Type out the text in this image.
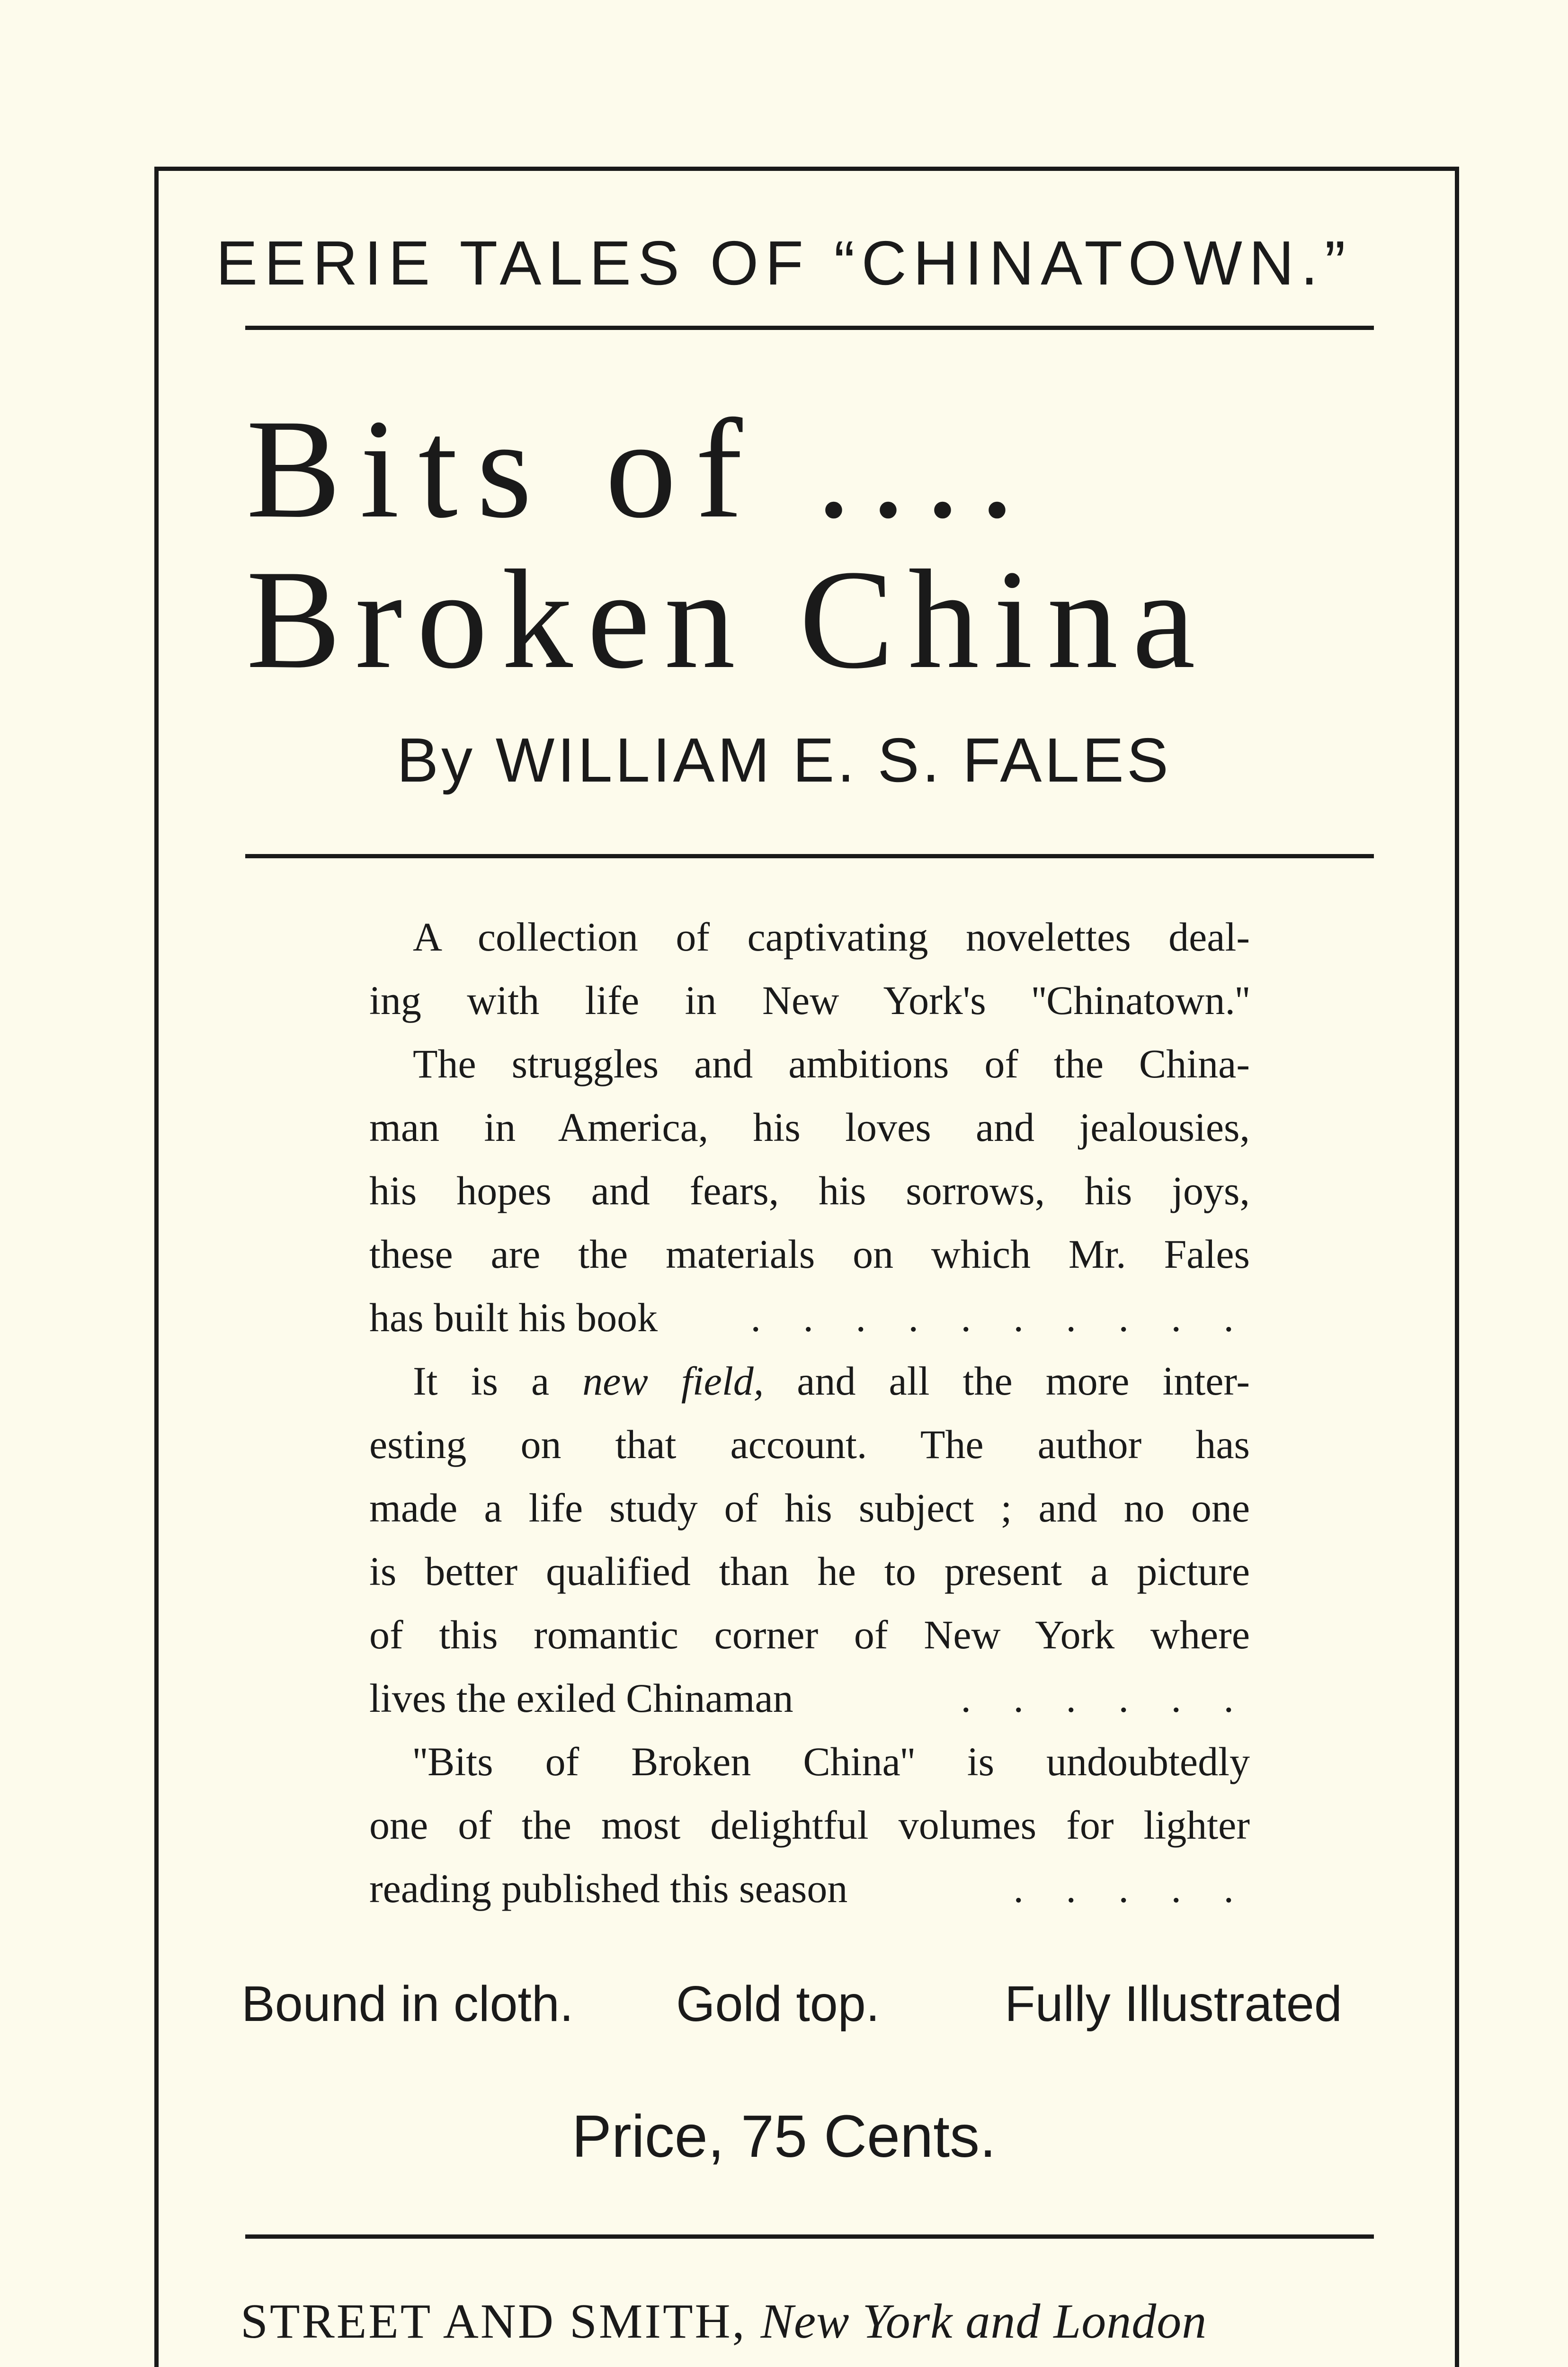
EERIE TALES OF “CHINATOWN.”
Bits of ....
Broken China
By WILLIAM E. S. FALES
A collection of captivating novelettes deal-
ing with life in New York's ''Chinatown.''
The struggles and ambitions of the China-
man in America, his loves and jealousies,
his hopes and fears, his sorrows, his joys,
these are the materials on which Mr. Fales
has built his book . . . . . . . . . .
It is a new field, and all the more inter-
esting on that account. The author has
made a life study of his subject ; and no one
is better qualified than he to present a picture
of this romantic corner of New York where
lives the exiled Chinaman	. . . . . .
''Bits of Broken China'' is undoubtedly
one of the most delightful volumes for lighter
reading published this season	. . . . .
Bound in cloth. Gold top. Fully Illustrated
Price, 75 Cents.
STREET AND SMITH, New York and London
